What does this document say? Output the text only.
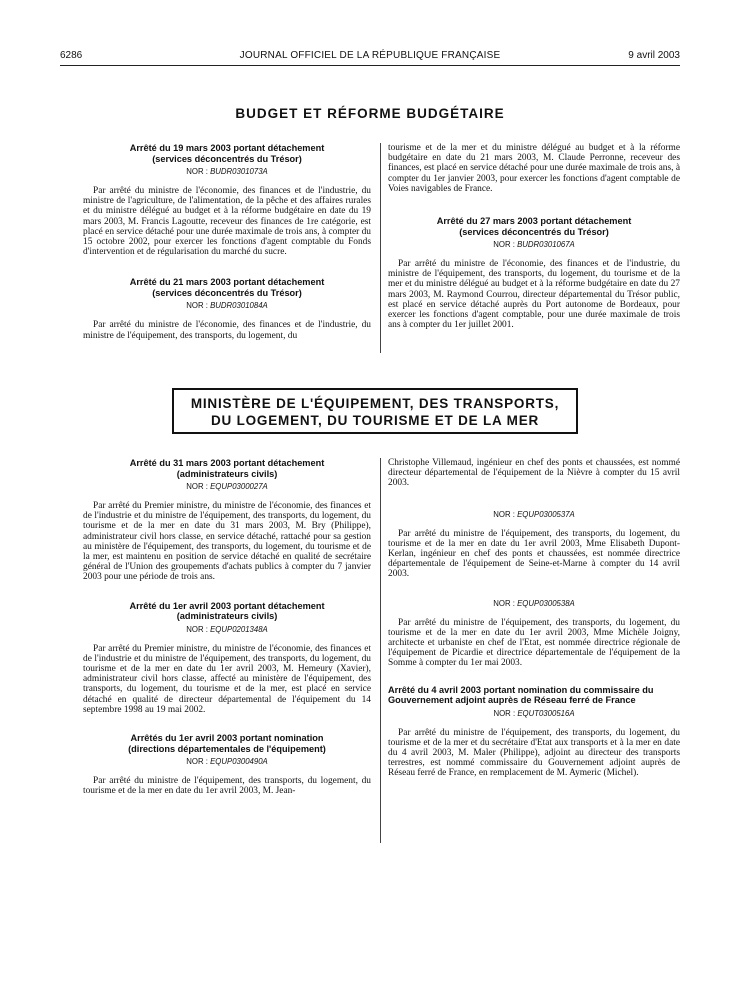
6286	JOURNAL OFFICIEL DE LA RÉPUBLIQUE FRANÇAISE	9 avril 2003
BUDGET ET RÉFORME BUDGÉTAIRE
Arrêté du 19 mars 2003 portant détachement
(services déconcentrés du Trésor)
NOR : BUDR0301073A
Par arrêté du ministre de l'économie, des finances et de l'industrie, du ministre de l'agriculture, de l'alimentation, de la pêche et des affaires rurales et du ministre délégué au budget et à la réforme budgétaire en date du 19 mars 2003, M. Francis Lagoutte, receveur des finances de 1re catégorie, est placé en service détaché pour une durée maximale de trois ans, à compter du 15 octobre 2002, pour exercer les fonctions d'agent comptable du Fonds d'intervention et de régularisation du marché du sucre.
Arrêté du 21 mars 2003 portant détachement
(services déconcentrés du Trésor)
NOR : BUDR0301084A
Par arrêté du ministre de l'économie, des finances et de l'industrie, du ministre de l'équipement, des transports, du logement, du
tourisme et de la mer et du ministre délégué au budget et à la réforme budgétaire en date du 21 mars 2003, M. Claude Perronne, receveur des finances, est placé en service détaché pour une durée maximale de trois ans, à compter du 1er janvier 2003, pour exercer les fonctions d'agent comptable de Voies navigables de France.
Arrêté du 27 mars 2003 portant détachement
(services déconcentrés du Trésor)
NOR : BUDR0301067A
Par arrêté du ministre de l'économie, des finances et de l'industrie, du ministre de l'équipement, des transports, du logement, du tourisme et de la mer et du ministre délégué au budget et à la réforme budgétaire en date du 27 mars 2003, M. Raymond Courrou, directeur départemental du Trésor public, est placé en service détaché auprès du Port autonome de Bordeaux, pour exercer les fonctions d'agent comptable, pour une durée maximale de trois ans à compter du 1er juillet 2001.
MINISTÈRE DE L'ÉQUIPEMENT, DES TRANSPORTS,
DU LOGEMENT, DU TOURISME ET DE LA MER
Arrêté du 31 mars 2003 portant détachement
(administrateurs civils)
NOR : EQUP0300027A
Par arrêté du Premier ministre, du ministre de l'économie, des finances et de l'industrie et du ministre de l'équipement, des transports, du logement, du tourisme et de la mer en date du 31 mars 2003, M. Bry (Philippe), administrateur civil hors classe, en service détaché, rattaché pour sa gestion au ministère de l'équipement, des transports, du logement, du tourisme et de la mer, est maintenu en position de service détaché en qualité de secrétaire général de l'Union des groupements d'achats publics à compter du 7 janvier 2003 pour une période de trois ans.
Arrêté du 1er avril 2003 portant détachement
(administrateurs civils)
NOR : EQUP0201348A
Par arrêté du Premier ministre, du ministre de l'économie, des finances et de l'industrie et du ministre de l'équipement, des transports, du logement, du tourisme et de la mer en date du 1er avril 2003, M. Hemeury (Xavier), administrateur civil hors classe, affecté au ministère de l'équipement, des transports, du logement, du tourisme et de la mer, est placé en service détaché en qualité de directeur départemental de l'équipement du 14 septembre 1998 au 19 mai 2002.
Arrêtés du 1er avril 2003 portant nomination
(directions départementales de l'équipement)
NOR : EQUP0300490A
Par arrêté du ministre de l'équipement, des transports, du logement, du tourisme et de la mer en date du 1er avril 2003, M. Jean-
Christophe Villemaud, ingénieur en chef des ponts et chaussées, est nommé directeur départemental de l'équipement de la Nièvre à compter du 15 avril 2003.
NOR : EQUP0300537A
Par arrêté du ministre de l'équipement, des transports, du logement, du tourisme et de la mer en date du 1er avril 2003, Mme Elisabeth Dupont-Kerlan, ingénieur en chef des ponts et chaussées, est nommée directrice départementale de l'équipement de Seine-et-Marne à compter du 14 avril 2003.
NOR : EQUP0300538A
Par arrêté du ministre de l'équipement, des transports, du logement, du tourisme et de la mer en date du 1er avril 2003, Mme Michèle Joigny, architecte et urbaniste en chef de l'Etat, est nommée directrice régionale de l'équipement de Picardie et directrice départementale de l'équipement de la Somme à compter du 1er mai 2003.
Arrêté du 4 avril 2003 portant nomination du commissaire du Gouvernement adjoint auprès de Réseau ferré de France
NOR : EQUT0300516A
Par arrêté du ministre de l'équipement, des transports, du logement, du tourisme et de la mer et du secrétaire d'Etat aux transports et à la mer en date du 4 avril 2003, M. Maler (Philippe), adjoint au directeur des transports terrestres, est nommé commissaire du Gouvernement adjoint auprès de Réseau ferré de France, en remplacement de M. Aymeric (Michel).
